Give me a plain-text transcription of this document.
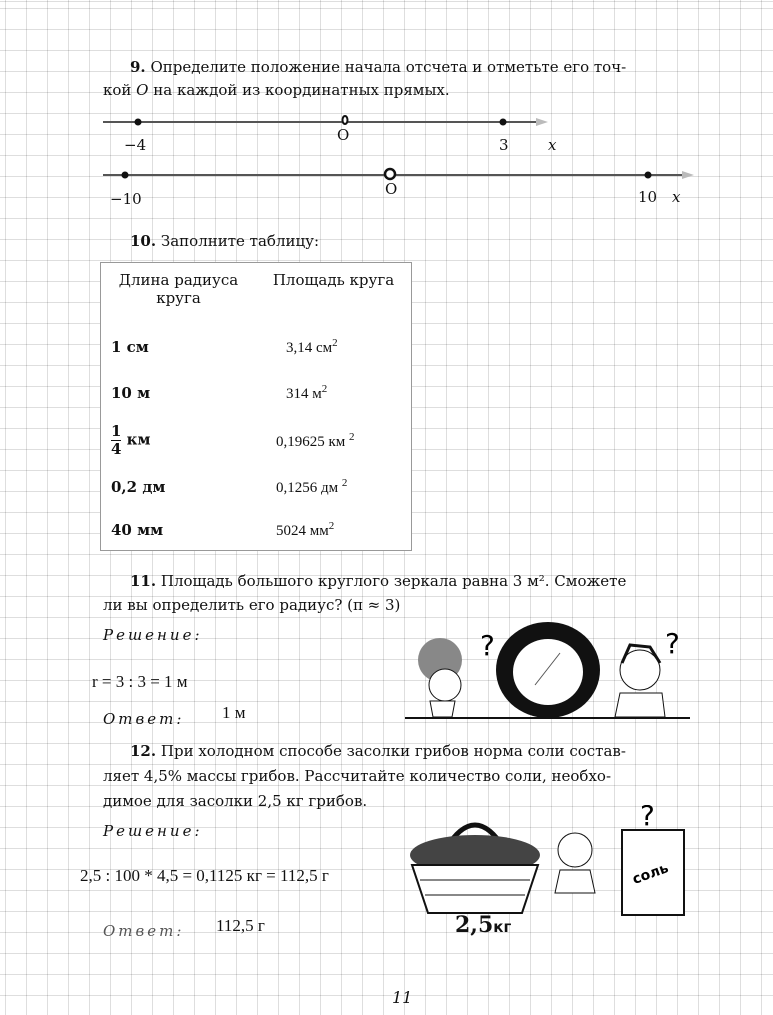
9. Определите положение начала отсчета и отметьте его точ-
кой O на каждой из координатных прямых.
−4
O
3	x
−10
O	10 x
10. Заполните таблицу:
Длина радиуса круга	Площадь круга
1 см	3,14 $см^2$
10 м	314 $м^2$
$\frac{1}{4}$ км	0,19625 км $^2$
0,2 дм	0,1256 дм $^2$
40 мм	5024 $мм^2$
11. Площадь большого круглого зеркала равна 3 м². Сможете
ли вы определить его радиус? (π ≈ 3)
Решение:
r = 3 : 3 = 1 м
Ответ: 1 м
?	?
12. При холодном способе засолки грибов норма соли состав-
ляет 4,5% массы грибов. Рассчитайте количество соли, необхо-
димое для засолки 2,5 кг грибов.
Решение:
2,5 : 100 * 4,5 = 0,1125 кг = 112,5 г
Ответ: 112,5 г
соль
?
2,5кг
11
